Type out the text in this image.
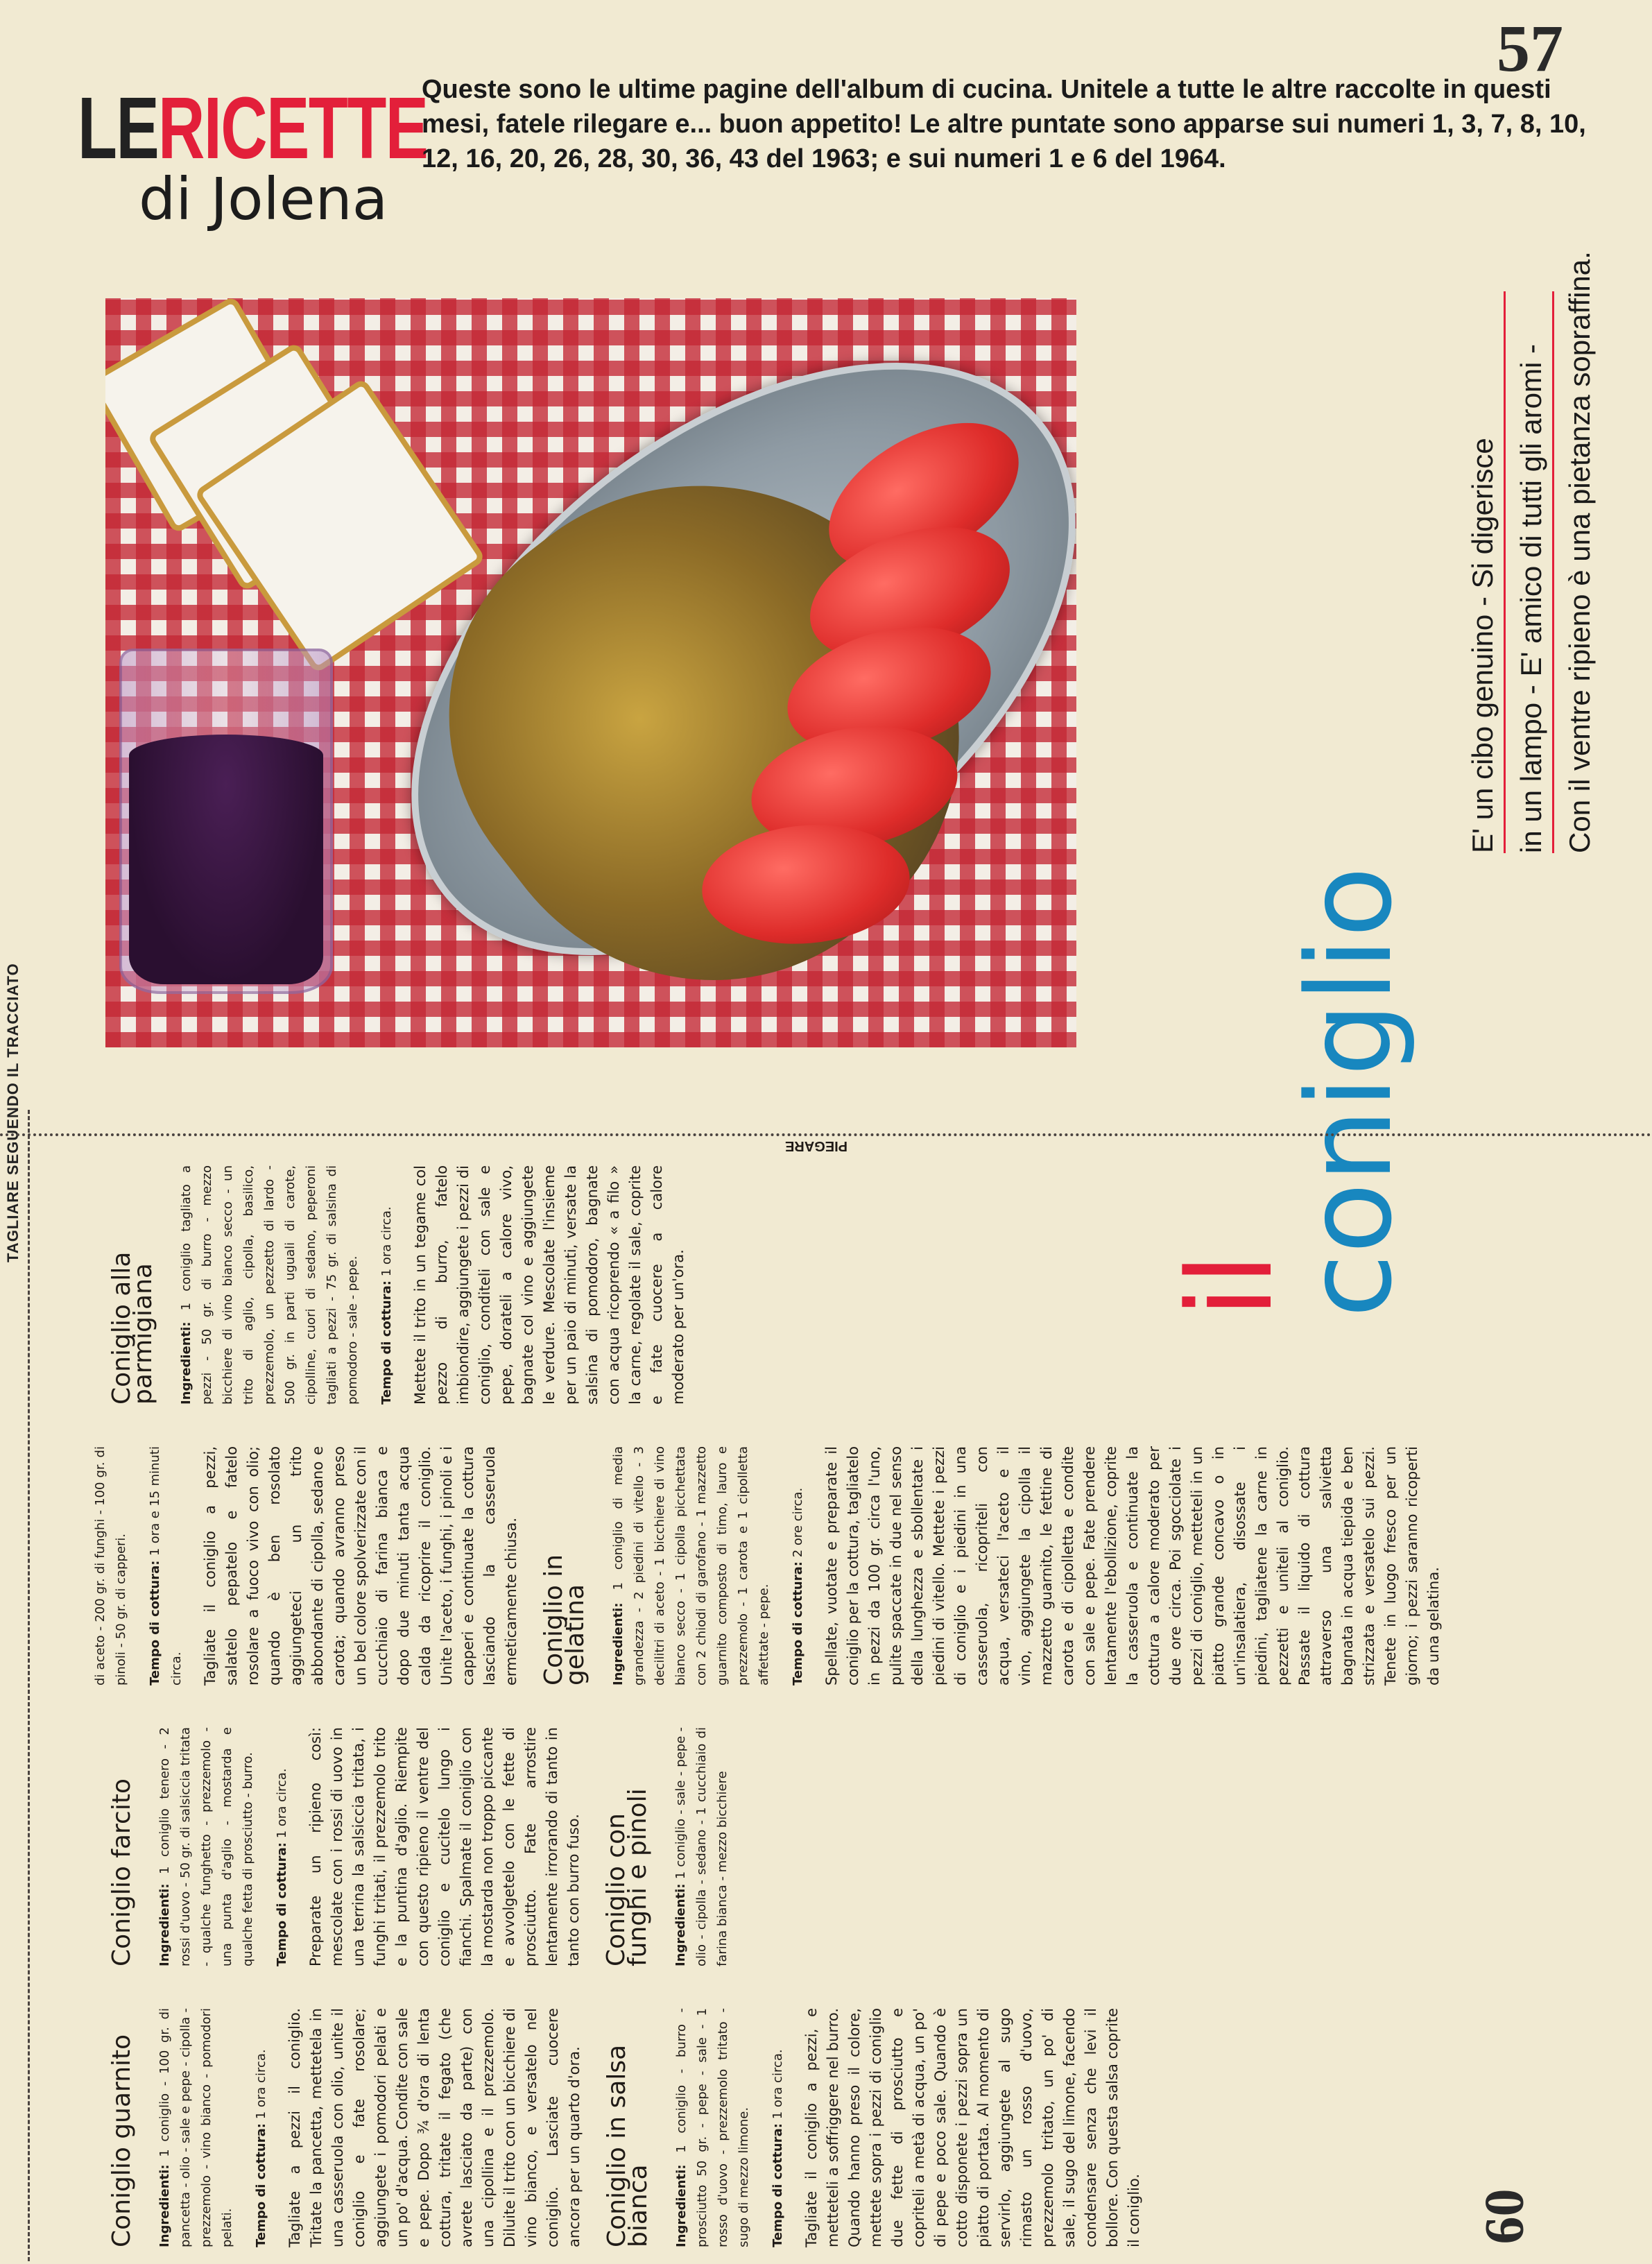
LE RICETTE
di Jolena
Queste sono le ultime pagine dell'album di cucina. Unitele a tutte le altre raccolte in questi mesi, fatele rilegare e... buon appetito! Le altre puntate sono apparse sui numeri 1, 3, 7, 8, 10, 12, 16, 20, 26, 28, 30, 36, 43 del 1963; e sui numeri 1 e 6 del 1964.
57
il
coniglio
E' un cibo genuino - Si digerisce in un lampo - E' amico di tutti gli aromi - Con il ventre ripieno è una pietanza sopraffina.
TAGLIARE SEGUENDO IL TRACCIATO	PIEGARE
Coniglio guarnito Ingredienti: 1 coniglio - 100 gr. di pancetta - olio - sale e pepe - cipolla - prezzemolo - vino bianco - pomodori pelati. Tempo di cottura: 1 ora circa. Tagliate a pezzi il coniglio. Tritate la pancetta, mettetela in una casseruola con olio, unite il coniglio e fate rosolare; aggiungete i pomodori pelati e un po' d'acqua. Condite con sale e pepe. Dopo ¾ d'ora di lenta cottura, tritate il fegato (che avrete lasciato da parte) con una cipollina e il prezzemolo. Diluite il trito con un bicchiere di vino bianco, e versatelo nel coniglio. Lasciate cuocere ancora per un quarto d'ora. Coniglio in salsa bianca Ingredienti: 1 coniglio - burro - prosciutto 50 gr. - pepe - sale - 1 rosso d'uovo - prezzemolo tritato - sugo di mezzo limone. Tempo di cottura: 1 ora circa. Tagliate il coniglio a pezzi, e metteteli a soffriggere nel burro. Quando hanno preso il colore, mettete sopra i pezzi di coniglio due fette di prosciutto e copriteli a metà di acqua, un po' di pepe e poco sale. Quando è cotto disponete i pezzi sopra un piatto di portata. Al momento di servirlo, aggiungete al sugo rimasto un rosso d'uovo, prezzemolo tritato, un po' di sale, il sugo del limone, facendo condensare senza che levi il bollore. Con questa salsa coprite il coniglio.

Coniglio farcito Ingredienti: 1 coniglio tenero - 2 rossi d'uovo - 50 gr. di salsiccia tritata - qualche funghetto - prezzemolo - una punta d'aglio - mostarda e qualche fetta di prosciutto - burro. Tempo di cottura: 1 ora circa. Preparate un ripieno così: mescolate con i rossi di uovo in una terrina la salsiccia tritata, i funghi tritati, il prezzemolo trito e la puntina d'aglio. Riempite con questo ripieno il ventre del coniglio e cucitelo lungo i fianchi. Spalmate il coniglio con la mostarda non troppo piccante e avvolgetelo con le fette di prosciutto. Fate arrostire lentamente irrorando di tanto in tanto con burro fuso. Coniglio con funghi e pinoli Ingredienti: 1 coniglio - sale - pepe - olio - cipolla - sedano - 1 cucchiaio di farina bianca - mezzo bicchiere

di aceto - 200 gr. di funghi - 100 gr. di pinoli - 50 gr. di capperi. Tempo di cottura: 1 ora e 15 minuti circa. Tagliate il coniglio a pezzi, salatelo pepatelo e fatelo rosolare a fuoco vivo con olio; quando è ben rosolato aggiungeteci un trito abbondante di cipolla, sedano e carota; quando avranno preso un bel colore spolverizzate con il cucchiaio di farina bianca e dopo due minuti tanta acqua calda da ricoprire il coniglio. Unite l'aceto, i funghi, i pinoli e i capperi e continuate la cottura lasciando la casseruola ermeticamente chiusa. Coniglio in gelatina Ingredienti: 1 coniglio di media grandezza - 2 piedini di vitello - 3 decilitri di aceto - 1 bicchiere di vino bianco secco - 1 cipolla picchettata con 2 chiodi di garofano - 1 mazzetto guarnito composto di timo, lauro e prezzemolo - 1 carota e 1 cipolletta affettate - pepe. Tempo di cottura: 2 ore circa. Spellate, vuotate e preparate il coniglio per la cottura, tagliatelo in pezzi da 100 gr. circa l'uno, pulite spaccate in due nel senso della lunghezza e sbollentate i piedini di vitello. Mettete i pezzi di coniglio e i piedini in una casseruola, ricopriteli con acqua, versateci l'aceto e il vino, aggiungete la cipolla il mazzetto guarnito, le fettine di carota e di cipolletta e condite con sale e pepe. Fate prendere lentamente l'ebollizione, coprite la casseruola e continuate la cottura a calore moderato per due ore circa. Poi sgocciolate i pezzi di coniglio, metteteli in un piatto grande concavo o in un'insalatiera, disossate i piedini, tagliatene la carne in pezzetti e uniteli al coniglio. Passate il liquido di cottura attraverso una salvietta bagnata in acqua tiepida e ben strizzata e versatelo sui pezzi. Tenete in luogo fresco per un giorno; i pezzi saranno ricoperti da una gelatina.

Coniglio alla parmigiana Ingredienti: 1 coniglio tagliato a pezzi - 50 gr. di burro - mezzo bicchiere di vino bianco secco - un trito di aglio, cipolla, basilico, prezzemolo, un pezzetto di lardo - 500 gr. in parti uguali di carote, cipolline, cuori di sedano, peperoni tagliati a pezzi - 75 gr. di salsina di pomodoro - sale - pepe. Tempo di cottura: 1 ora circa. Mettete il trito in un tegame col pezzo di burro, fatelo imbiondire, aggiungete i pezzi di coniglio, conditeli con sale e pepe, dorateli a calore vivo, bagnate col vino e aggiungete le verdure. Mescolate l'insieme per un paio di minuti, versate la salsina di pomodoro, bagnate con acqua ricoprendo « a filo » la carne, regolate il sale, coprite e fate cuocere a calore moderato per un'ora.

60
